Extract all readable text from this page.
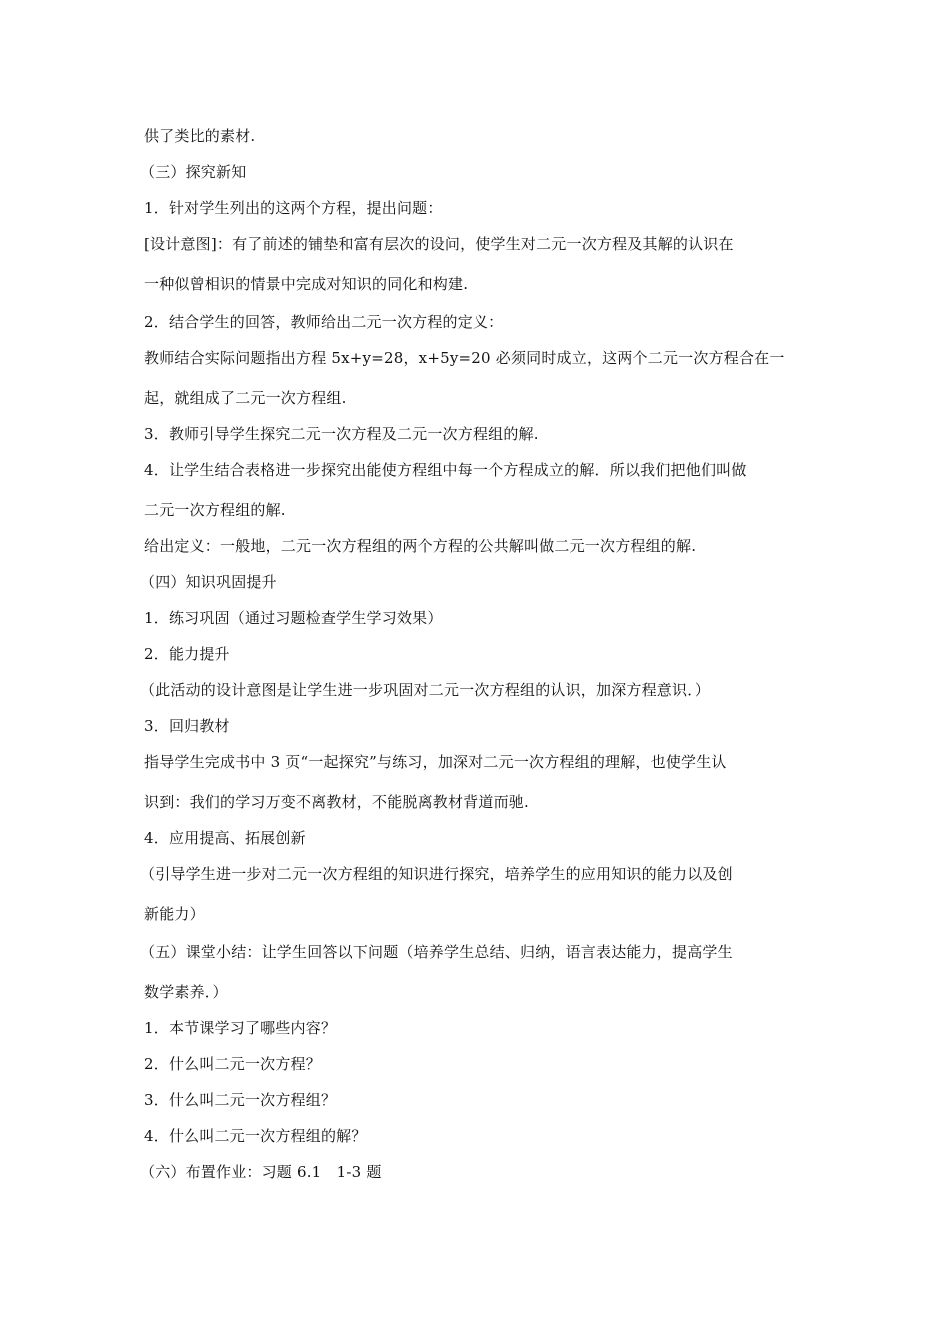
供了类比的素材.
（三）探究新知
1．针对学生列出的这两个方程，提出问题：
[设计意图]：有了前述的铺垫和富有层次的设问，使学生对二元一次方程及其解的认识在
一种似曾相识的情景中完成对知识的同化和构建.
2．结合学生的回答，教师给出二元一次方程的定义：
教师结合实际问题指出方程 5x+y=28，x+5y=20 必须同时成立，这两个二元一次方程合在一
起，就组成了二元一次方程组.
3．教师引导学生探究二元一次方程及二元一次方程组的解.
4．让学生结合表格进一步探究出能使方程组中每一个方程成立的解．所以我们把他们叫做
二元一次方程组的解.
给出定义：一般地，二元一次方程组的两个方程的公共解叫做二元一次方程组的解.
（四）知识巩固提升
1．练习巩固（通过习题检查学生学习效果）
2．能力提升
（此活动的设计意图是让学生进一步巩固对二元一次方程组的认识，加深方程意识．）
3．回归教材
指导学生完成书中 3 页“一起探究”与练习，加深对二元一次方程组的理解，也使学生认
识到：我们的学习万变不离教材，不能脱离教材背道而驰.
4．应用提高、拓展创新
（引导学生进一步对二元一次方程组的知识进行探究，培养学生的应用知识的能力以及创
新能力）
（五）课堂小结：让学生回答以下问题（培养学生总结、归纳，语言表达能力，提高学生
数学素养．）
1．本节课学习了哪些内容？
2．什么叫二元一次方程？
3．什么叫二元一次方程组？
4．什么叫二元一次方程组的解？
（六）布置作业：习题 6.1　1-3 题
